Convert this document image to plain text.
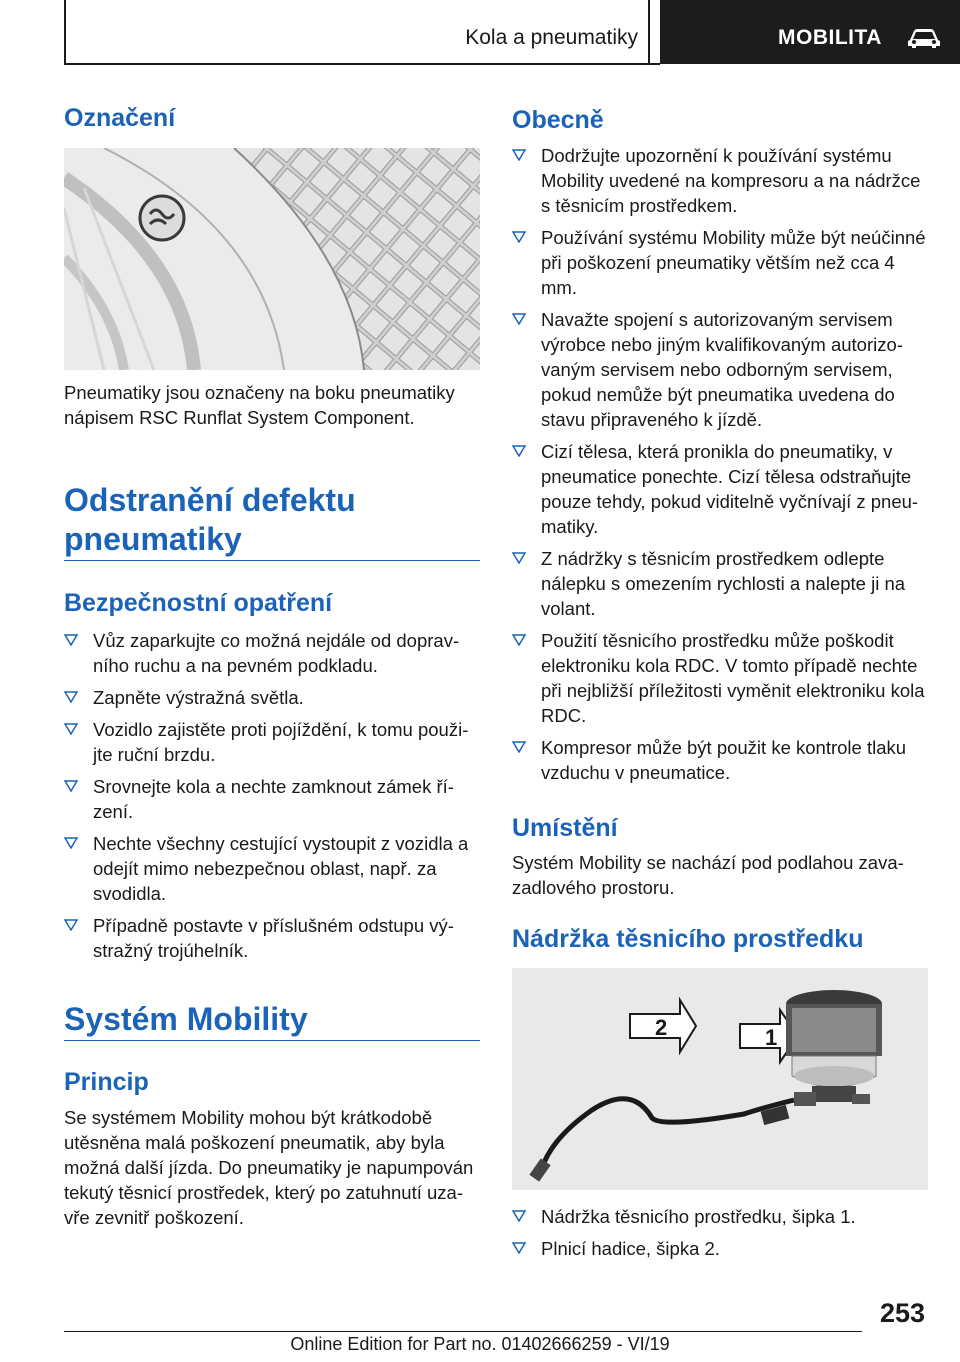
Kola a pneumatiky	MOBILITA
Označení

Pneumatiky jsou označeny na boku pneumatiky nápisem RSC Runflat System Component.

Odstranění defektu
pneumatiky
Bezpečnostní opatření
Vůz zaparkujte co možná nejdále od dopravního ruchu a na pevném podkladu.
Zapněte výstražná světla.
Vozidlo zajistěte proti pojíždění, k tomu použijte ruční brzdu.
Srovnejte kola a nechte zamknout zámek řízení.
Nechte všechny cestující vystoupit z vozidla a odejít mimo nebezpečnou oblast, např. za svodidla.
Případně postavte v příslušném odstupu výstražný trojúhelník.
Systém Mobility
Princip

Se systémem Mobility mohou být krátkodobě utěsněna malá poškození pneumatik, aby byla možná další jízda. Do pneumatiky je napumpován tekutý těsnicí prostředek, který po zatuhnutí uzavře zevnitř poškození.

Obecně
Dodržujte upozornění k používání systému Mobility uvedené na kompresoru a na nádržce s těsnicím prostředkem.
Používání systému Mobility může být neúčinné při poškození pneumatiky větším než cca 4 mm.
Navažte spojení s autorizovaným servisem výrobce nebo jiným kvalifikovaným autorizovaným servisem nebo odborným servisem, pokud nemůže být pneumatika uvedena do stavu připraveného k jízdě.
Cizí tělesa, která pronikla do pneumatiky, v pneumatice ponechte. Cizí tělesa odstraňujte pouze tehdy, pokud viditelně vyčnívají z pneumatiky.
Z nádržky s těsnicím prostředkem odlepte nálepku s omezením rychlosti a nalepte ji na volant.
Použití těsnicího prostředku může poškodit elektroniku kola RDC. V tomto případě nechte při nejbližší příležitosti vyměnit elektroniku kola RDC.
Kompresor může být použit ke kontrole tlaku vzduchu v pneumatice.
Umístění

Systém Mobility se nachází pod podlahou zavazadlového prostoru.

Nádržka těsnicího prostředku
2	1
Nádržka těsnicího prostředku, šipka 1.
Plnicí hadice, šipka 2.
253
Online Edition for Part no. 01402666259 - VI/19
